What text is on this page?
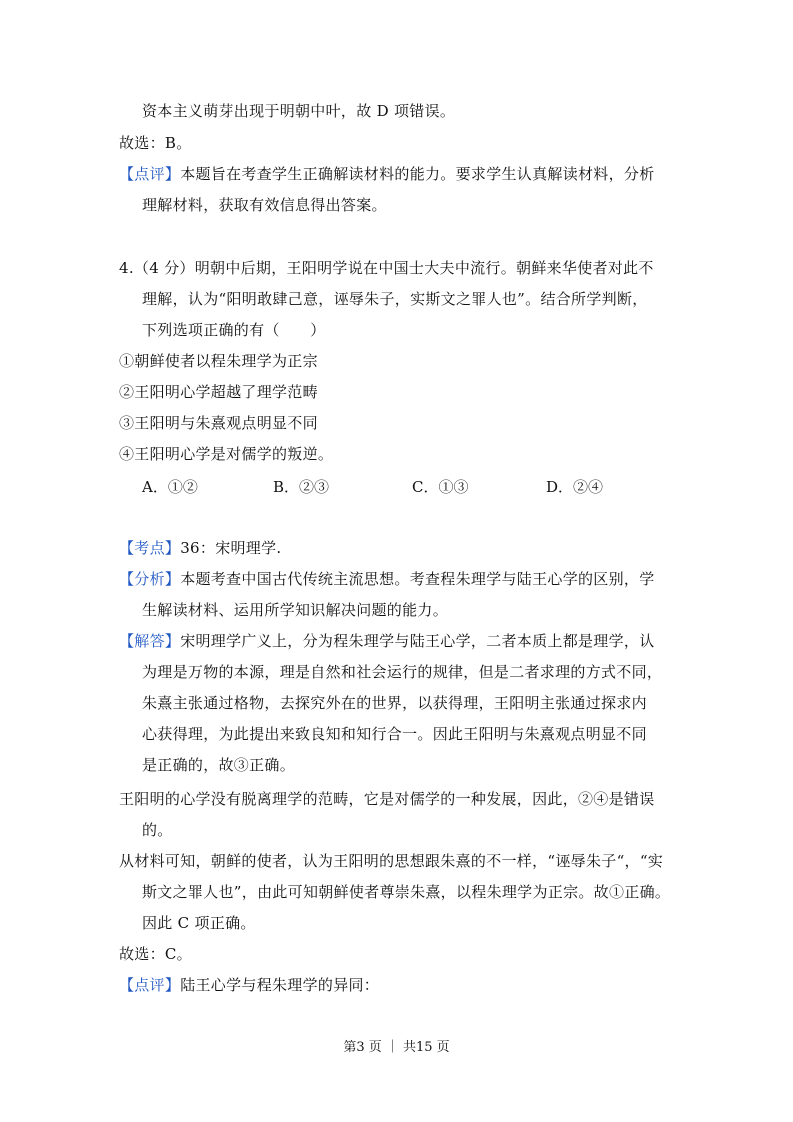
资本主义萌芽出现于明朝中叶，故 D 项错误。
故选：B。
【点评】本题旨在考查学生正确解读材料的能力。要求学生认真解读材料，分析
理解材料，获取有效信息得出答案。
4.（4 分）明朝中后期，王阳明学说在中国士大夫中流行。朝鲜来华使者对此不
理解，认为“阳明敢肆己意，诬辱朱子，实斯文之罪人也”。结合所学判断，
下列选项正确的有（　　）
①朝鲜使者以程朱理学为正宗
②王阳明心学超越了理学范畴
③王阳明与朱熹观点明显不同
④王阳明心学是对儒学的叛逆。
A．①②	B．②③	C．①③	D．②④
【考点】36：宋明理学.
【分析】本题考查中国古代传统主流思想。考查程朱理学与陆王心学的区别，学
生解读材料、运用所学知识解决问题的能力。
【解答】宋明理学广义上，分为程朱理学与陆王心学，二者本质上都是理学，认
为理是万物的本源，理是自然和社会运行的规律，但是二者求理的方式不同，
朱熹主张通过格物，去探究外在的世界，以获得理，王阳明主张通过探求内
心获得理，为此提出来致良知和知行合一。因此王阳明与朱熹观点明显不同
是正确的，故③正确。
王阳明的心学没有脱离理学的范畴，它是对儒学的一种发展，因此，②④是错误
的。
从材料可知，朝鲜的使者，认为王阳明的思想跟朱熹的不一样，“诬辱朱子“，“实
斯文之罪人也”，由此可知朝鲜使者尊崇朱熹，以程朱理学为正宗。故①正确。
因此 C 项正确。
故选：C。
【点评】陆王心学与程朱理学的异同：
第3 页 ｜ 共15 页
